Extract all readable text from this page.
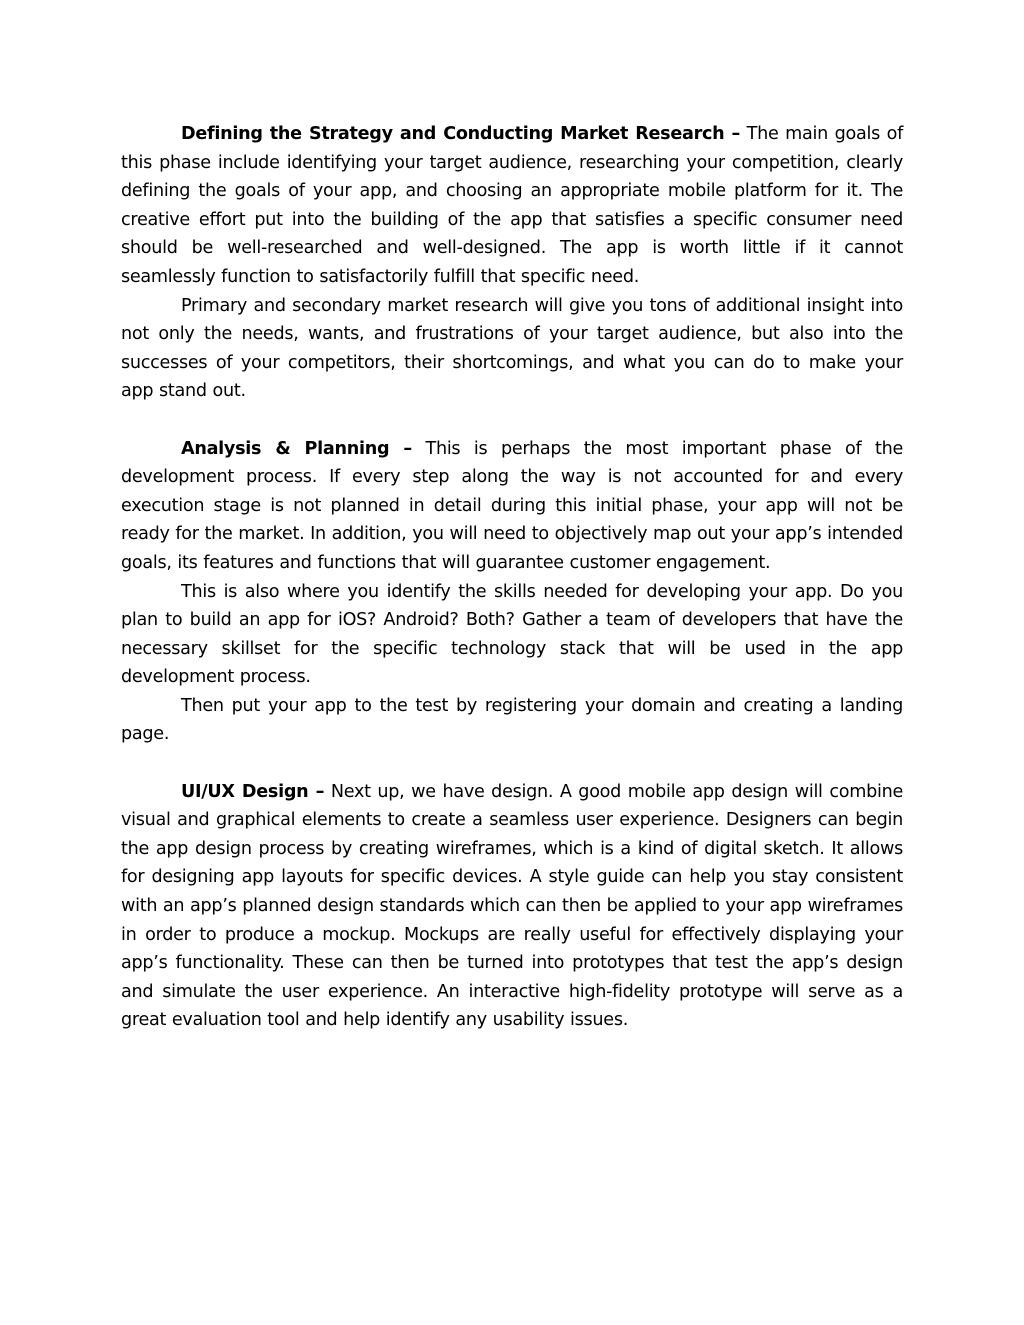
Defining the Strategy and Conducting Market Research – The main goals of this phase include identifying your target audience, researching your competition, clearly defining the goals of your app, and choosing an appropriate mobile platform for it. The creative effort put into the building of the app that satisfies a specific consumer need should be well-researched and well-designed. The app is worth little if it cannot seamlessly function to satisfactorily fulfill that specific need.

Primary and secondary market research will give you tons of additional insight into not only the needs, wants, and frustrations of your target audience, but also into the successes of your competitors, their shortcomings, and what you can do to make your app stand out.

Analysis & Planning – This is perhaps the most important phase of the development process. If every step along the way is not accounted for and every execution stage is not planned in detail during this initial phase, your app will not be ready for the market. In addition, you will need to objectively map out your app’s intended goals, its features and functions that will guarantee customer engagement.

This is also where you identify the skills needed for developing your app. Do you plan to build an app for iOS? Android? Both? Gather a team of developers that have the necessary skillset for the specific technology stack that will be used in the app development process.

Then put your app to the test by registering your domain and creating a landing page.

UI/UX Design – Next up, we have design. A good mobile app design will combine visual and graphical elements to create a seamless user experience. Designers can begin the app design process by creating wireframes, which is a kind of digital sketch. It allows for designing app layouts for specific devices. A style guide can help you stay consistent with an app’s planned design standards which can then be applied to your app wireframes in order to produce a mockup. Mockups are really useful for effectively displaying your app’s functionality. These can then be turned into prototypes that test the app’s design and simulate the user experience. An interactive high-fidelity prototype will serve as a great evaluation tool and help identify any usability issues.
